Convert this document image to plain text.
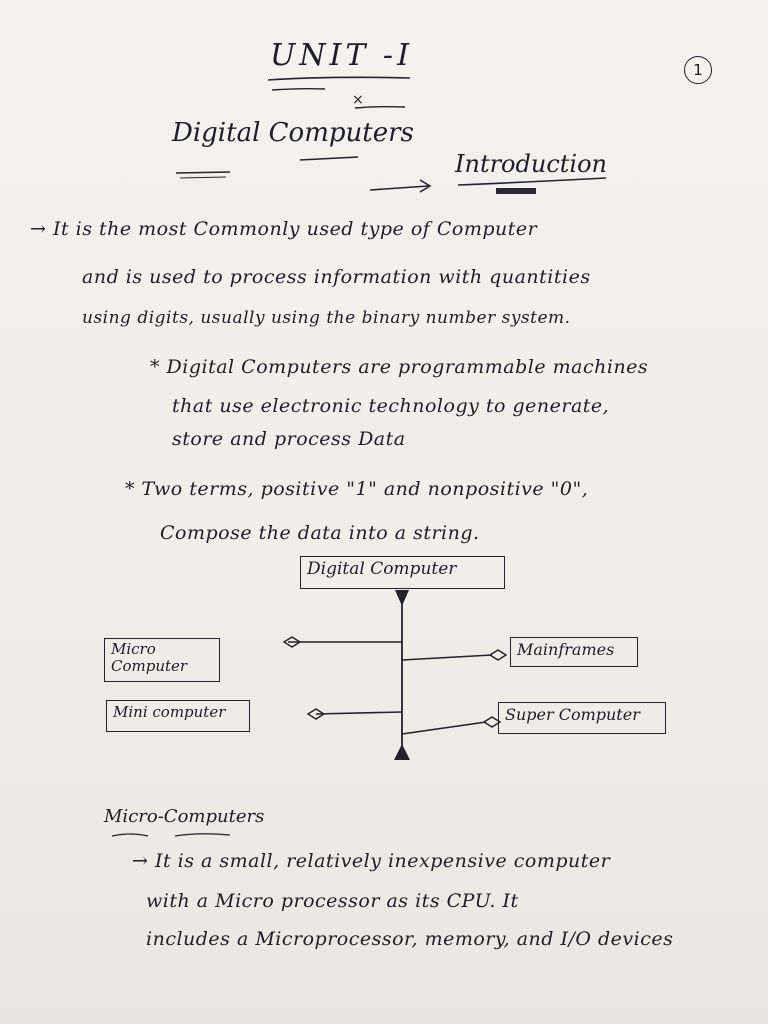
UNIT -I	1
Digital Computers
Introduction
→ It is the most Commonly used type of Computer
and is used to process information with quantities
using digits, usually using the binary number system.
* Digital Computers are programmable machines
that use electronic technology to generate,
store and process Data
* Two terms, positive "1" and nonpositive "0",
Compose the data into a string.
Digital Computer
Micro Computer
Mini computer
Mainframes
Super Computer
×
Micro-Computers
→ It is a small, relatively inexpensive computer
with a Micro processor as its CPU. It
includes a Microprocessor, memory, and I/O devices
